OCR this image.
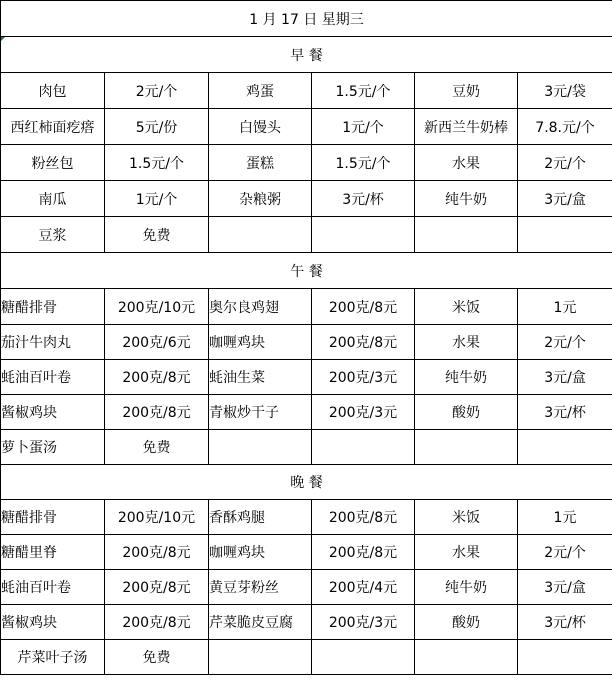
1 月 17 日 星期三					
早 餐					
肉包	2元/个	鸡蛋	1.5元/个	豆奶	3元/袋
西红柿面疙瘩	5元/份	白馒头	1元/个	新西兰牛奶棒	7.8.元/个
粉丝包	1.5元/个	蛋糕	1.5元/个	水果	2元/个
南瓜	1元/个	杂粮粥	3元/杯	纯牛奶	3元/盒
豆浆	免费				
午 餐					
糖醋排骨	200克/10元	奥尔良鸡翅	200克/8元	米饭	1元
茄汁牛肉丸	200克/6元	咖喱鸡块	200克/8元	水果	2元/个
蚝油百叶卷	200克/8元	蚝油生菜	200克/3元	纯牛奶	3元/盒
酱椒鸡块	200克/8元	青椒炒干子	200克/3元	酸奶	3元/杯
萝卜蛋汤	免费				
晚 餐					
糖醋排骨	200克/10元	香酥鸡腿	200克/8元	米饭	1元
糖醋里脊	200克/8元	咖喱鸡块	200克/8元	水果	2元/个
蚝油百叶卷	200克/8元	黄豆芽粉丝	200克/4元	纯牛奶	3元/盒
酱椒鸡块	200克/8元	芹菜脆皮豆腐	200克/3元	酸奶	3元/杯
芹菜叶子汤	免费				
